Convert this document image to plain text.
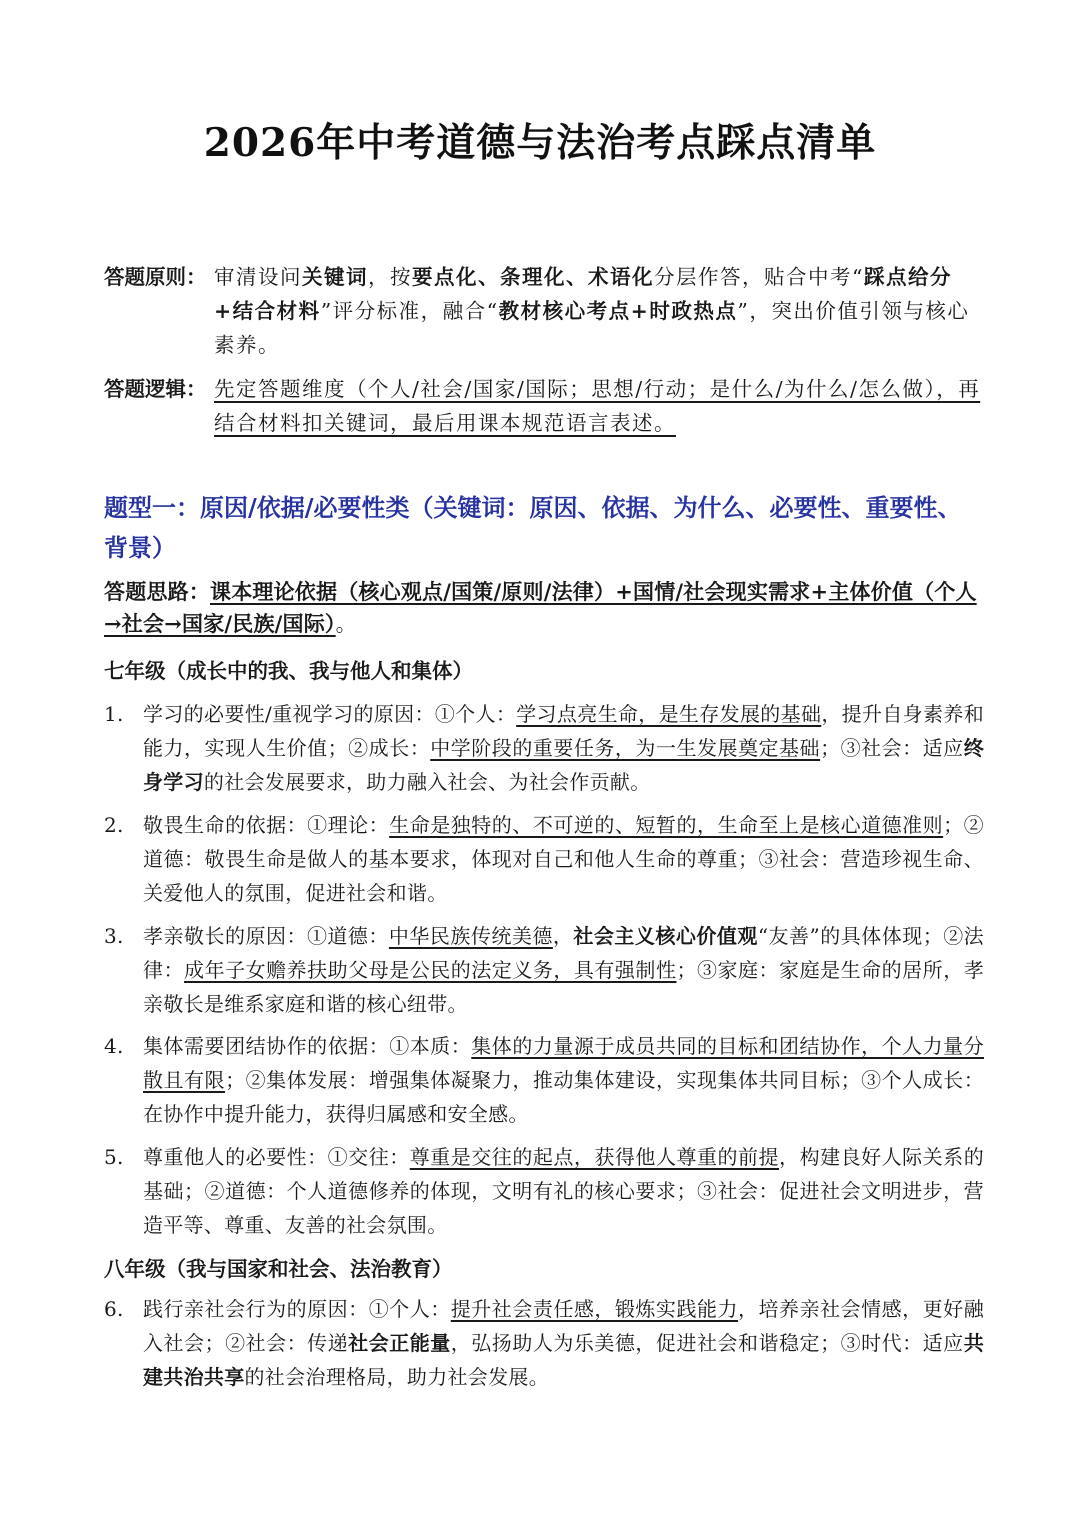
2026年中考道德与法治考点踩点清单
答题原则： 审清设问关键词，按要点化、条理化、术语化分层作答，贴合中考“踩点给分+结合材料”评分标准，融合“教材核心考点+时政热点”，突出价值引领与核心素养。
答题逻辑： 先定答题维度（个人/社会/国家/国际；思想/行动；是什么/为什么/怎么做），再结合材料扣关键词，最后用课本规范语言表述。
题型一：原因/依据/必要性类（关键词：原因、依据、为什么、必要性、重要性、背景）
答题思路：课本理论依据（核心观点/国策/原则/法律）+国情/社会现实需求+主体价值（个人→社会→国家/民族/国际）。
七年级（成长中的我、我与他人和集体）
1. 学习的必要性/重视学习的原因：①个人：学习点亮生命，是生存发展的基础，提升自身素养和能力，实现人生价值；②成长：中学阶段的重要任务，为一生发展奠定基础；③社会：适应终身学习的社会发展要求，助力融入社会、为社会作贡献。
2. 敬畏生命的依据：①理论：生命是独特的、不可逆的、短暂的，生命至上是核心道德准则；②道德：敬畏生命是做人的基本要求，体现对自己和他人生命的尊重；③社会：营造珍视生命、关爱他人的氛围，促进社会和谐。
3. 孝亲敬长的原因：①道德：中华民族传统美德，社会主义核心价值观“友善”的具体体现；②法律：成年子女赡养扶助父母是公民的法定义务，具有强制性；③家庭：家庭是生命的居所，孝亲敬长是维系家庭和谐的核心纽带。
4. 集体需要团结协作的依据：①本质：集体的力量源于成员共同的目标和团结协作，个人力量分散且有限；②集体发展：增强集体凝聚力，推动集体建设，实现集体共同目标；③个人成长：在协作中提升能力，获得归属感和安全感。
5. 尊重他人的必要性：①交往：尊重是交往的起点，获得他人尊重的前提，构建良好人际关系的基础；②道德：个人道德修养的体现，文明有礼的核心要求；③社会：促进社会文明进步，营造平等、尊重、友善的社会氛围。
八年级（我与国家和社会、法治教育）
6. 践行亲社会行为的原因：①个人：提升社会责任感，锻炼实践能力，培养亲社会情感，更好融入社会；②社会：传递社会正能量，弘扬助人为乐美德，促进社会和谐稳定；③时代：适应共建共治共享的社会治理格局，助力社会发展。
